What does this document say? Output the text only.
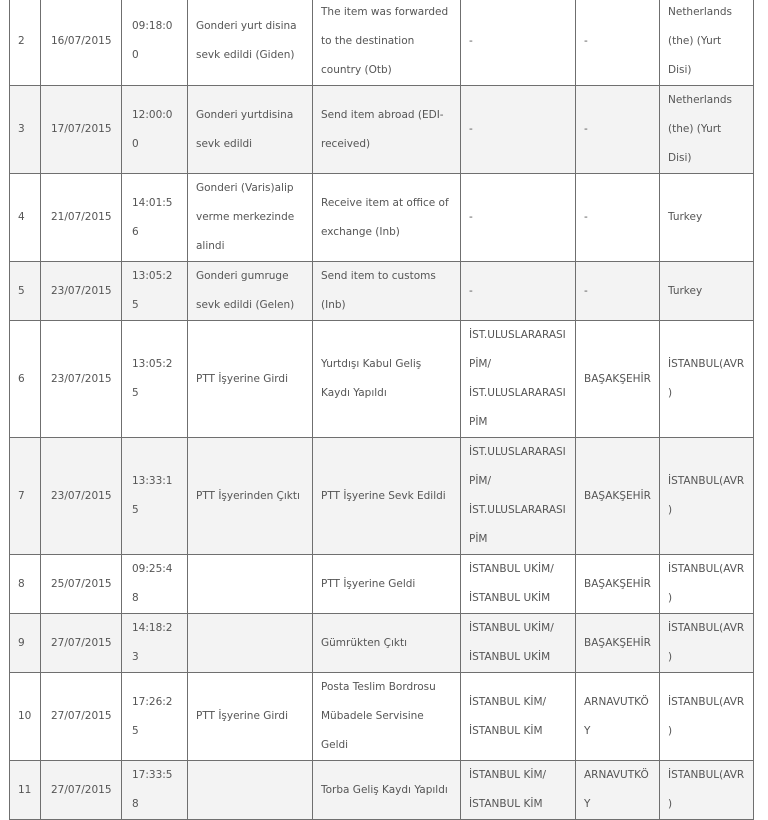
2	16/07/2015	09:18:00	Gonderi yurt disina sevk edildi (Giden)	The item was forwarded to the destination country (Otb)	-	-	Netherlands (the) (Yurt Disi)
3	17/07/2015	12:00:00	Gonderi yurtdisina sevk edildi	Send item abroad (EDI-received)	-	-	Netherlands (the) (Yurt Disi)
4	21/07/2015	14:01:56	Gonderi (Varis)alip verme merkezinde alindi	Receive item at office of exchange (Inb)	-	-	Turkey
5	23/07/2015	13:05:25	Gonderi gumruge sevk edildi (Gelen)	Send item to customs (Inb)	-	-	Turkey
6	23/07/2015	13:05:25	PTT İşyerine Girdi	Yurtdışı Kabul Geliş Kaydı Yapıldı	İST.ULUSLARARASI PİM/ İST.ULUSLARARASI PİM	BAŞAKŞEHİR	İSTANBUL(AVR)
7	23/07/2015	13:33:15	PTT İşyerinden Çıktı	PTT İşyerine Sevk Edildi	İST.ULUSLARARASI PİM/ İST.ULUSLARARASI PİM	BAŞAKŞEHİR	İSTANBUL(AVR)
8	25/07/2015	09:25:48		PTT İşyerine Geldi	İSTANBUL UKİM/ İSTANBUL UKİM	BAŞAKŞEHİR	İSTANBUL(AVR)
9	27/07/2015	14:18:23		Gümrükten Çıktı	İSTANBUL UKİM/ İSTANBUL UKİM	BAŞAKŞEHİR	İSTANBUL(AVR)
10	27/07/2015	17:26:25	PTT İşyerine Girdi	Posta Teslim Bordrosu Mübadele Servisine Geldi	İSTANBUL KİM/ İSTANBUL KİM	ARNAVUTKÖY	İSTANBUL(AVR)
11	27/07/2015	17:33:58		Torba Geliş Kaydı Yapıldı	İSTANBUL KİM/ İSTANBUL KİM	ARNAVUTKÖY	İSTANBUL(AVR)
